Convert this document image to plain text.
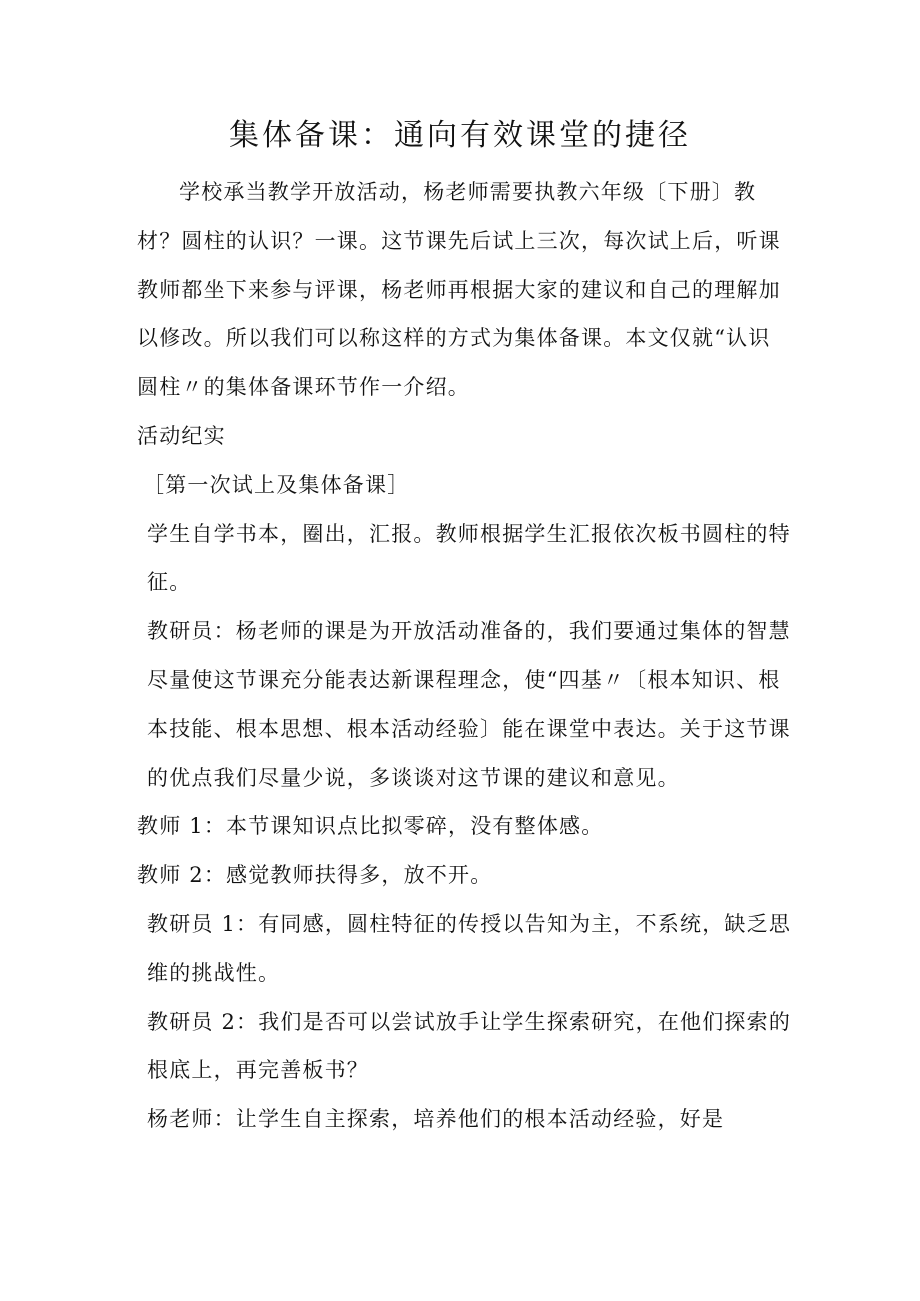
集体备课：通向有效课堂的捷径

学校承当教学开放活动，杨老师需要执教六年级〔下册〕教材？圆柱的认识？一课。这节课先后试上三次，每次试上后，听课教师都坐下来参与评课，杨老师再根据大家的建议和自己的理解加以修改。所以我们可以称这样的方式为集体备课。本文仅就“认识圆柱〃的集体备课环节作一介绍。

活动纪实

［第一次试上及集体备课］

学生自学书本，圈出，汇报。教师根据学生汇报依次板书圆柱的特征。

教研员：杨老师的课是为开放活动准备的，我们要通过集体的智慧尽量使这节课充分能表达新课程理念，使“四基〃〔根本知识、根本技能、根本思想、根本活动经验〕能在课堂中表达。关于这节课的优点我们尽量少说，多谈谈对这节课的建议和意见。

教师 1：本节课知识点比拟零碎，没有整体感。

教师 2：感觉教师扶得多，放不开。

教研员 1：有同感，圆柱特征的传授以告知为主，不系统，缺乏思维的挑战性。

教研员 2：我们是否可以尝试放手让学生探索研究，在他们探索的根底上，再完善板书？

杨老师：让学生自主探索，培养他们的根本活动经验，好是
